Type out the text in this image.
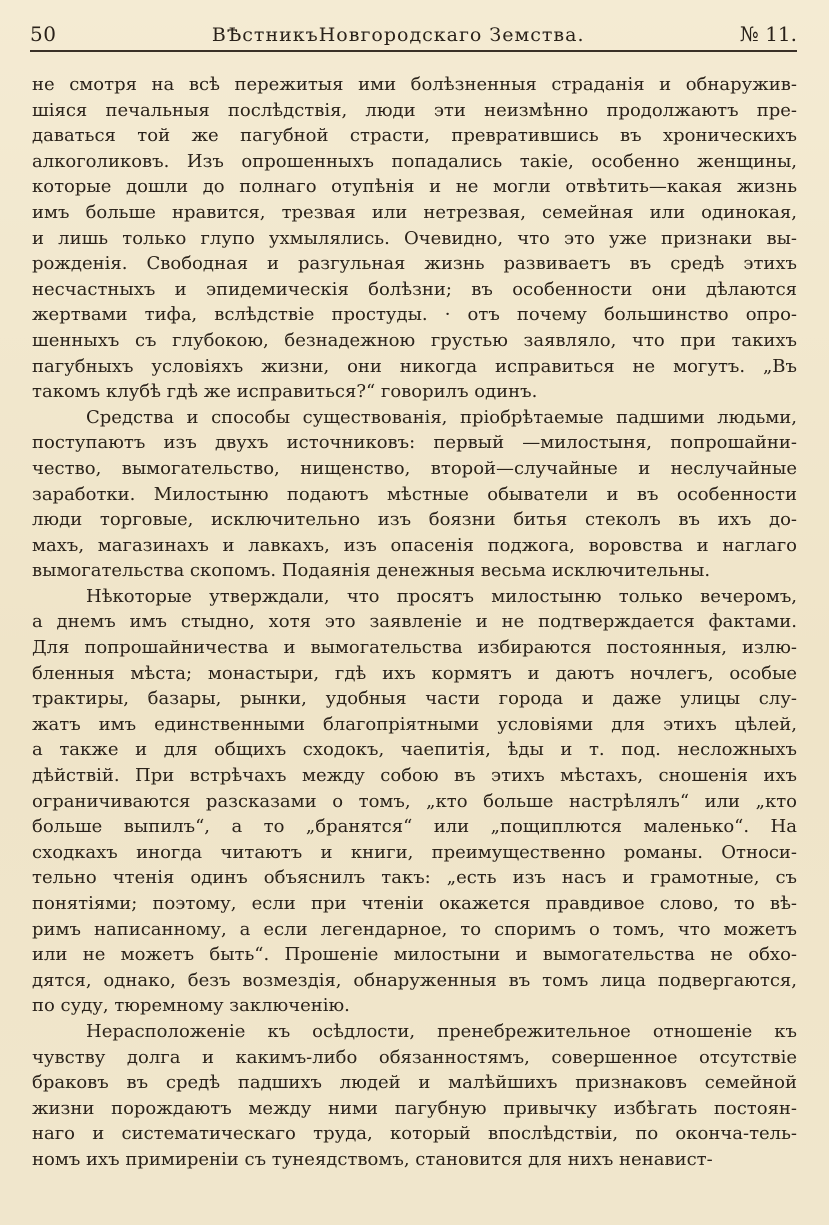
50	ВѢстникъНовгородскаго Земства.	№ 11.
не смотря на всѣ пережитыя ими болѣзненныя страданія и обнаружив-
шіяся печальныя послѣдствія, люди эти неизмѣнно продолжаютъ пре-
даваться той же пагубной страсти, превратившись въ хроническихъ
алкоголиковъ. Изъ опрошенныхъ попадались такіе, особенно женщины,
которые дошли до полнаго отупѣнія и не могли отвѣтить—какая жизнь
имъ больше нравится, трезвая или нетрезвая, семейная или одинокая,
и лишь только глупо ухмылялись. Очевидно, что это уже признаки вы-
рожденія. Свободная и разгульная жизнь развиваетъ въ средѣ этихъ
несчастныхъ и эпидемическія болѣзни; въ особенности они дѣлаются
жертвами тифа, вслѣдствіе простуды. · отъ почему большинство опро-
шенныхъ съ глубокою, безнадежною грустью заявляло, что при такихъ
пагубныхъ условіяхъ жизни, они никогда исправиться не могутъ. „Въ
такомъ клубѣ гдѣ же исправиться?“ говорилъ одинъ.
Средства и способы существованія, пріобрѣтаемые падшими людьми,
поступаютъ изъ двухъ источниковъ: первый —милостыня, попрошайни-
чество, вымогательство, нищенство, второй—случайные и неслучайные
заработки. Милостыню подаютъ мѣстные обыватели и въ особенности
люди торговые, исключительно изъ боязни битья стеколъ въ ихъ до-
махъ, магазинахъ и лавкахъ, изъ опасенія поджога, воровства и наглаго
вымогательства скопомъ. Подаянія денежныя весьма исключительны.
Нѣкоторые утверждали, что просятъ милостыню только вечеромъ,
а днемъ имъ стыдно, хотя это заявленіе и не подтверждается фактами.
Для попрошайничества и вымогательства избираются постоянныя, излю-
бленныя мѣста; монастыри, гдѣ ихъ кормятъ и даютъ ночлегъ, особые
трактиры, базары, рынки, удобныя части города и даже улицы слу-
жатъ имъ единственными благопріятными условіями для этихъ цѣлей,
а также и для общихъ сходокъ, чаепитія, ѣды и т. под. несложныхъ
дѣйствій. При встрѣчахъ между собою въ этихъ мѣстахъ, сношенія ихъ
ограничиваются разсказами о томъ, „кто больше настрѣлялъ“ или „кто
больше выпилъ“, а то „бранятся“ или „пощиплются маленько“. На
сходкахъ иногда читаютъ и книги, преимущественно романы. Относи-
тельно чтенія одинъ объяснилъ такъ: „есть изъ насъ и грамотные, съ
понятіями; поэтому, если при чтеніи окажется правдивое слово, то вѣ-
римъ написанному, а если легендарное, то споримъ о томъ, что можетъ
или не можетъ быть“. Прошеніе милостыни и вымогательства не обхо-
дятся, однако, безъ возмездія, обнаруженныя въ томъ лица подвергаются,
по суду, тюремному заключенію.
Нерасположеніе къ осѣдлости, пренебрежительное отношеніе къ
чувству долга и какимъ-либо обязанностямъ, совершенное отсутствіе
браковъ въ средѣ падшихъ людей и малѣйшихъ признаковъ семейной
жизни порождаютъ между ними пагубную привычку избѣгать постоян-
наго и систематическаго труда, который впослѣдствіи, по оконча-тель-
номъ ихъ примиреніи съ тунеядствомъ, становится для нихъ ненавист-
